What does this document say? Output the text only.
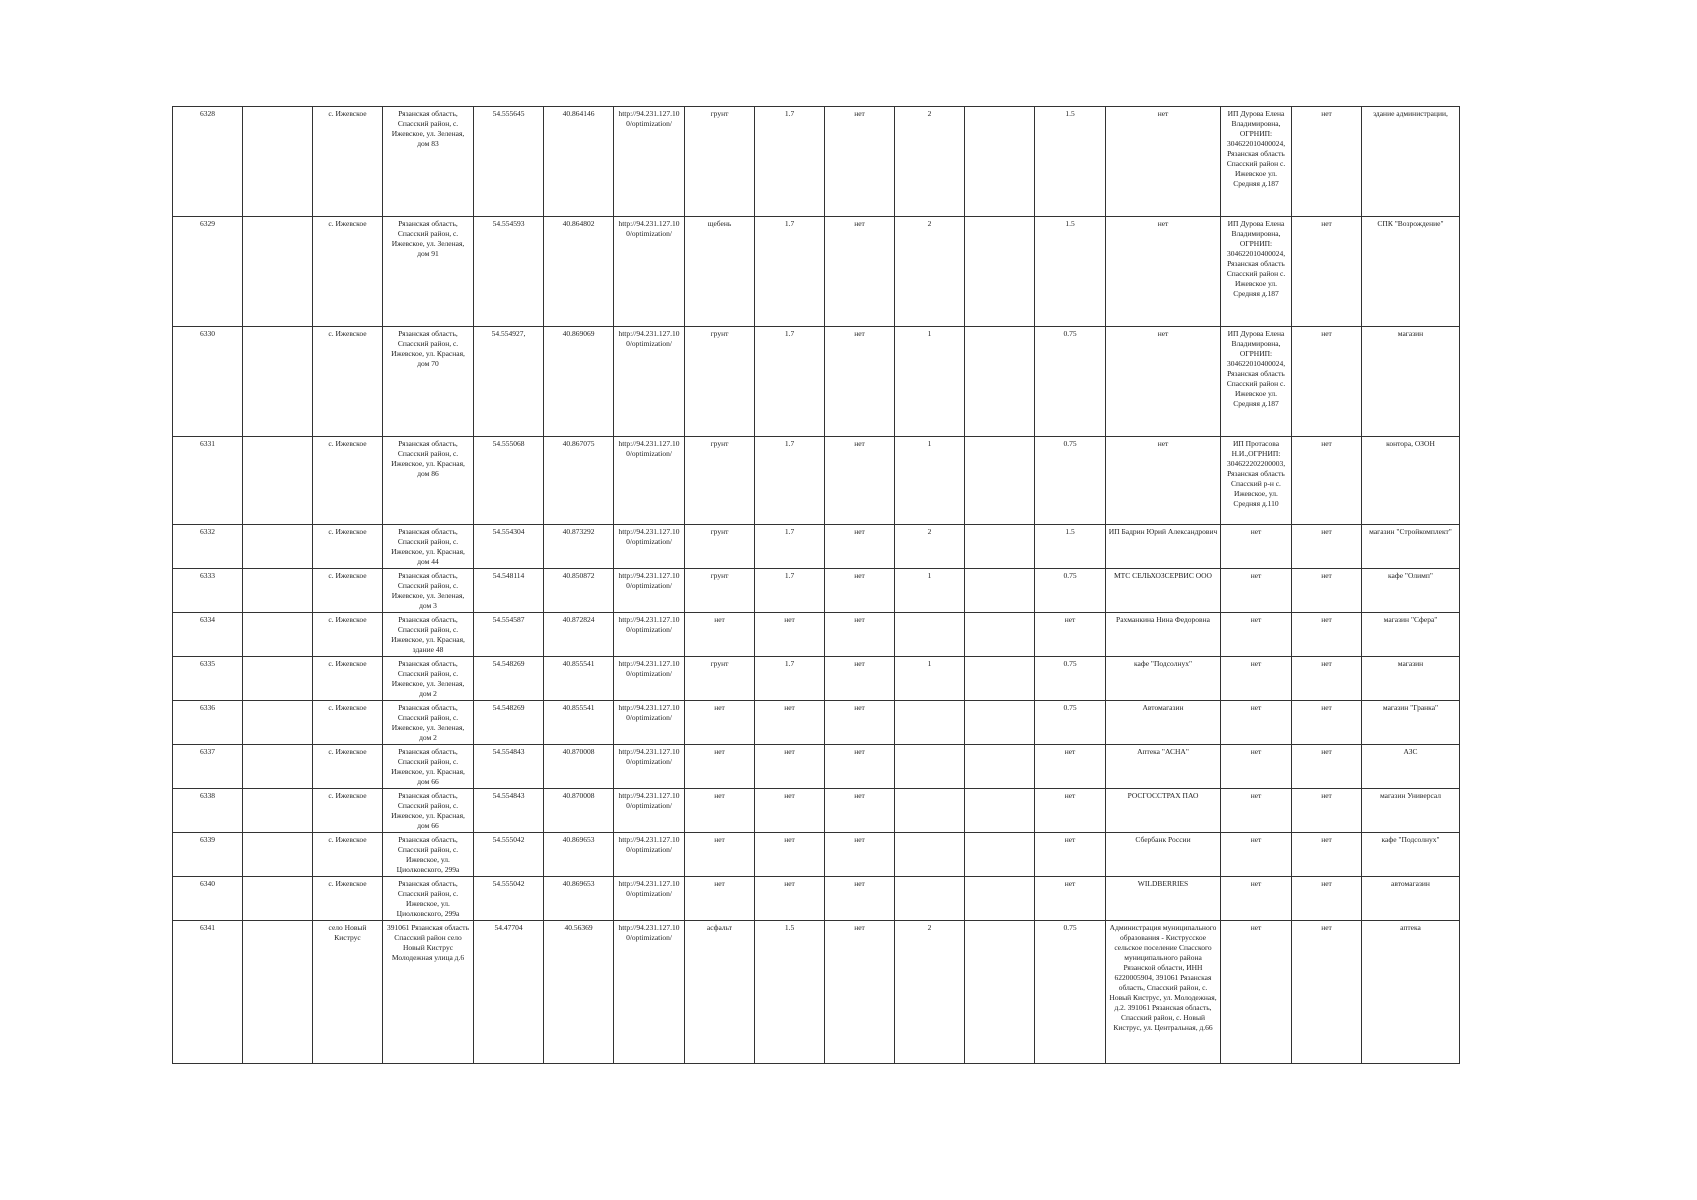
6328		с. Ижевское	Рязанская область, Спасский район, с. Ижевское, ул. Зеленая, дом 83	54.555645	40.864146	http://94.231.127.10 0/optimization/	грунт	1.7	нет	2		1.5	нет	ИП Дурова Елена Владимировна, ОГРНИП: 304622010400024, Рязанская область Спасский район с. Ижевское ул. Средняя д.187	нет	здание администрации,
6329		с. Ижевское	Рязанская область, Спасский район, с. Ижевское, ул. Зеленая, дом 91	54.554593	40.864802	http://94.231.127.10 0/optimization/	щебень	1.7	нет	2		1.5	нет	ИП Дурова Елена Владимировна, ОГРНИП: 304622010400024, Рязанская область Спасский район с. Ижевское ул. Средняя д.187	нет	СПК "Возрождение"
6330		с. Ижевское	Рязанская область, Спасский район, с. Ижевское, ул. Красная, дом 70	54.554927,	40.869069	http://94.231.127.10 0/optimization/	грунт	1.7	нет	1		0.75	нет	ИП Дурова Елена Владимировна, ОГРНИП: 304622010400024, Рязанская область Спасский район с. Ижевское ул. Средняя д.187	нет	магазин
6331		с. Ижевское	Рязанская область, Спасский район, с. Ижевское, ул. Красная, дом 86	54.555068	40.867075	http://94.231.127.10 0/optimization/	грунт	1.7	нет	1		0.75	нет	ИП Протасова Н.И.,ОГРНИП: 304622202200003, Рязанская область Спасский р-н с. Ижевское, ул. Средняя д.110	нет	контора, ОЗОН
6332		с. Ижевское	Рязанская область, Спасский район, с. Ижевское, ул. Красная, дом 44	54.554304	40.873292	http://94.231.127.10 0/optimization/	грунт	1.7	нет	2		1.5	ИП Бадрин Юрий Александрович	нет	нет	магазин "Стройкомплект"
6333		с. Ижевское	Рязанская область, Спасский район, с. Ижевское, ул. Зеленая, дом 3	54.548114	40.850872	http://94.231.127.10 0/optimization/	грунт	1.7	нет	1		0.75	МТС СЕЛЬХОЗСЕРВИС ООО	нет	нет	кафе "Олимп"
6334		с. Ижевское	Рязанская область, Спасский район, с. Ижевское, ул. Красная, здание 48	54.554587	40.872824	http://94.231.127.10 0/optimization/	нет	нет	нет			нет	Рахманкина Нина Федоровна	нет	нет	магазин "Сфера"
6335		с. Ижевское	Рязанская область, Спасский район, с. Ижевское, ул. Зеленая, дом 2	54.548269	40.855541	http://94.231.127.10 0/optimization/	грунт	1.7	нет	1		0.75	кафе "Подсолнух"	нет	нет	магазин
6336		с. Ижевское	Рязанская область, Спасский район, с. Ижевское, ул. Зеленая, дом 2	54.548269	40.855541	http://94.231.127.10 0/optimization/	нет	нет	нет			0.75	Автомагазин	нет	нет	магазин "Гранка"
6337		с. Ижевское	Рязанская область, Спасский район, с. Ижевское, ул. Красная, дом 66	54.554843	40.870008	http://94.231.127.10 0/optimization/	нет	нет	нет			нет	Аптека "АСНА"	нет	нет	АЗС
6338		с. Ижевское	Рязанская область, Спасский район, с. Ижевское, ул. Красная, дом 66	54.554843	40.870008	http://94.231.127.10 0/optimization/	нет	нет	нет			нет	РОСГОССТРАХ ПАО	нет	нет	магазин Универсал
6339		с. Ижевское	Рязанская область, Спасский район, с. Ижевское, ул. Циолковского, 299а	54.555042	40.869653	http://94.231.127.10 0/optimization/	нет	нет	нет			нет	Сбербанк России	нет	нет	кафе "Подсолнух"
6340		с. Ижевское	Рязанская область, Спасский район, с. Ижевское, ул. Циолковского, 299а	54.555042	40.869653	http://94.231.127.10 0/optimization/	нет	нет	нет			нет	WILDBERRIES	нет	нет	автомагазин
6341		село Новый Киструс	391061 Рязанская область Спасский район село Новый Киструс Молодежная улица д.6	54.47704	40.56369	http://94.231.127.10 0/optimization/	асфальт	1.5	нет	2		0.75	Администрация муниципального образования - Киструсское сельское поселение Спасского муниципального района Рязанской области, ИНН 6220005904, 391061 Рязанская область, Спасский район, с. Новый Киструс, ул. Молодежная, д.2. 391061 Рязанская область, Спасский район, с. Новый Киструс, ул. Центральная, д.66	нет	нет	аптека
